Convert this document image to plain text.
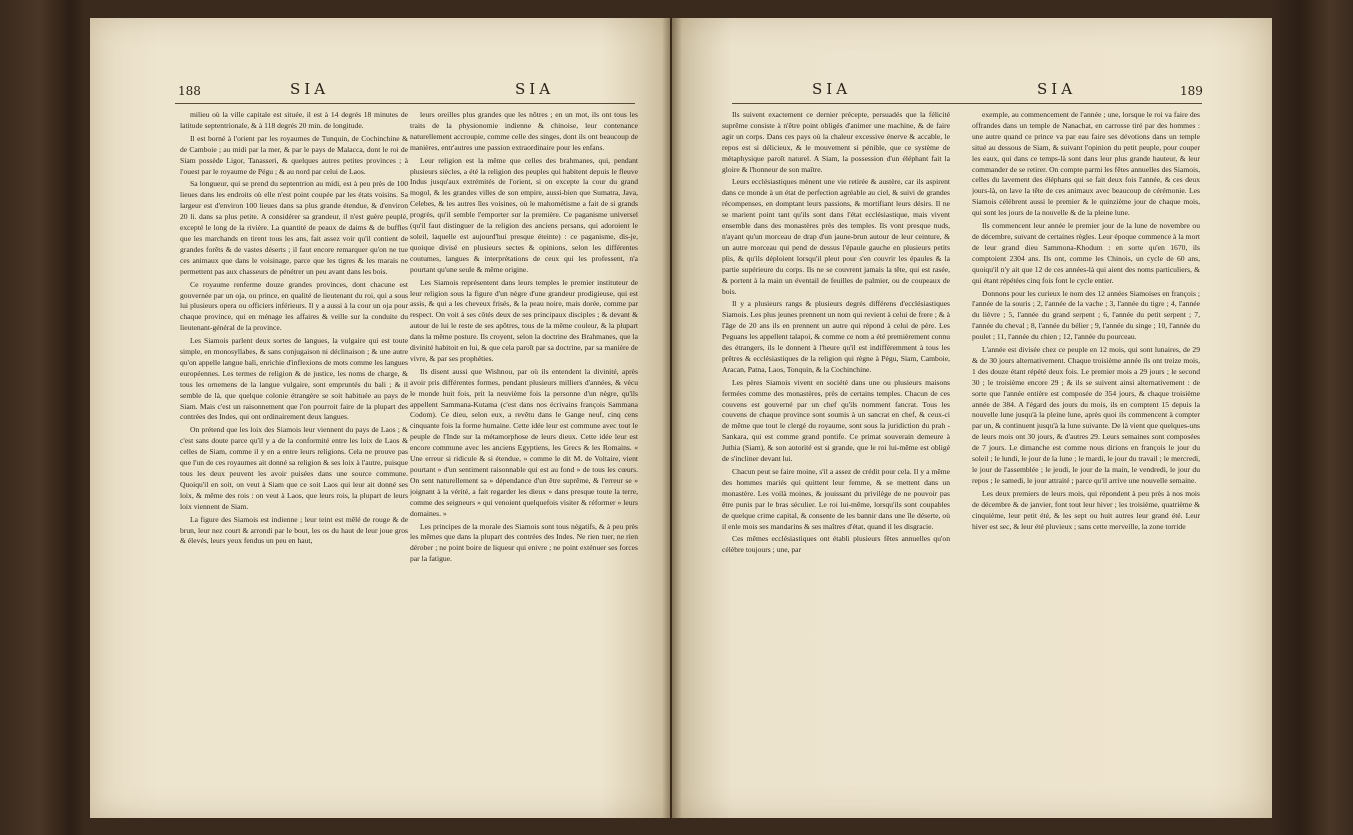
188	SIA	SIA

milieu où la ville capitale est située, il est à 14 degrés 18 minutes de latitude septentrionale, & à 118 degrés 20 min. de longitude.

Il est borné à l'orient par les royaumes de Tunquin, de Cochinchine & de Camboie ; au midi par la mer, & par le pays de Malacca, dont le roi de Siam possède Ligor, Tanasseri, & quelques autres petites provinces ; à l'ouest par le royaume de Pégu ; & au nord par celui de Laos.

Sa longueur, qui se prend du septentrion au midi, est à peu près de 100 lieues dans les endroits où elle n'est point coupée par les états voisins. Sa largeur est d'environ 100 lieues dans sa plus grande étendue, & d'environ 20 li. dans sa plus petite. A considérer sa grandeur, il n'est guère peuplé, excepté le long de la rivière. La quantité de peaux de daims & de buffles que les marchands en tirent tous les ans, fait assez voir qu'il contient de grandes forêts & de vastes déserts ; il faut encore remarquer qu'on ne tue ces animaux que dans le voisinage, parce que les tigres & les marais ne permettent pas aux chasseurs de pénétrer un peu avant dans les bois.

Ce royaume renferme douze grandes provinces, dont chacune est gouvernée par un oja, ou prince, en qualité de lieutenant du roi, qui a sous lui plusieurs opera ou officiers inférieurs. Il y a aussi à la cour un oja pour chaque province, qui en ménage les affaires & veille sur la conduite du lieutenant-général de la province.

Les Siamois parlent deux sortes de langues, la vulgaire qui est toute simple, en monosyllabes, & sans conjugaison ni déclinaison ; & une autre qu'on appelle langue bali, enrichie d'inflexions de mots comme les langues européennes. Les termes de religion & de justice, les noms de charge, & tous les ornemens de la langue vulgaire, sont empruntés du bali ; & il semble de là, que quelque colonie étrangère se soit habituée au pays de Siam. Mais c'est un raisonnement que l'on pourroit faire de la plupart des contrées des Indes, qui ont ordinairement deux langues.

On prétend que les loix des Siamois leur viennent du pays de Laos ; & c'est sans doute parce qu'il y a de la conformité entre les loix de Laos & celles de Siam, comme il y en a entre leurs religions. Cela ne prouve pas que l'un de ces royaumes ait donné sa religion & ses loix à l'autre, puisque tous les deux peuvent les avoir puisées dans une source commune. Quoiqu'il en soit, on veut à Siam que ce soit Laos qui leur ait donné ses loix, & même des rois : on veut à Laos, que leurs rois, la plupart de leurs loix viennent de Siam.

La figure des Siamois est indienne ; leur teint est mêlé de rouge & de brun, leur nez court & arrondi par le bout, les os du haut de leur joue gros & élevés, leurs yeux fendus un peu en haut,

leurs oreilles plus grandes que les nôtres ; en un mot, ils ont tous les traits de la physionomie indienne & chinoise, leur contenance naturellement accroupie, comme celle des singes, dont ils ont beaucoup de manières, entr'autres une passion extraordinaire pour les enfans.

Leur religion est la même que celles des brahmanes, qui, pendant plusieurs siècles, a été la religion des peuples qui habitent depuis le fleuve Indus jusqu'aux extrémités de l'orient, si on excepte la cour du grand mogol, & les grandes villes de son empire, aussi-bien que Sumatra, Java, Celebes, & les autres îles voisines, où le mahométisme a fait de si grands progrès, qu'il semble l'emporter sur la première. Ce paganisme universel (qu'il faut distinguer de la religion des anciens persans, qui adoroient le soleil, laquelle est aujourd'hui presque éteinte) : ce paganisme, dis-je, quoique divisé en plusieurs sectes & opinions, selon les différentes coutumes, langues & interprétations de ceux qui les professent, n'a pourtant qu'une seule & même origine.

Les Siamois représentent dans leurs temples le premier instituteur de leur religion sous la figure d'un nègre d'une grandeur prodigieuse, qui est assis, & qui a les cheveux frisés, & la peau noire, mais dorée, comme par respect. On voit à ses côtés deux de ses principaux disciples ; & devant & autour de lui le reste de ses apôtres, tous de la même couleur, & la plupart dans la même posture. Ils croyent, selon la doctrine des Brahmanes, que la divinité habitoit en lui, & que cela paroît par sa doctrine, par sa manière de vivre, & par ses prophéties.

Ils disent aussi que Wishnou, par où ils entendent la divinité, après avoir pris différentes formes, pendant plusieurs milliers d'années, & vécu le monde huit fois, prit la neuvième fois la personne d'un nègre, qu'ils appellent Sammana-Kutama (c'est dans nos écrivains françois Sammana Codom). Ce dieu, selon eux, a revêtu dans le Gange neuf, cinq cens cinquante fois la forme humaine. Cette idée leur est commune avec tout le peuple de l'Inde sur la métamorphose de leurs dieux. Cette idée leur est encore commune avec les anciens Egyptiens, les Grecs & les Romains. « Une erreur si ridicule & si étendue, » comme le dit M. de Voltaire, vient pourtant » d'un sentiment raisonnable qui est au fond » de tous les cœurs. On sent naturellement sa » dépendance d'un être suprême, & l'erreur se » joignant à la vérité, a fait regarder les dieux » dans presque toute la terre, comme des seigneurs » qui venoient quelquefois visiter & réformer » leurs domaines. »

Les principes de la morale des Siamois sont tous négatifs, & à peu près les mêmes que dans la plupart des contrées des Indes. Ne rien tuer, ne rien dérober ; ne point boire de liqueur qui enivre ; ne point exténuer ses forces par la fatigue.

SIA	SIA	189

Ils suivent exactement ce dernier précepte, persuadés que la félicité suprême consiste à n'être point obligés d'animer une machine, & de faire agir un corps. Dans ces pays où la chaleur excessive énerve & accable, le repos est si délicieux, & le mouvement si pénible, que ce système de métaphysique paroît naturel. A Siam, la possession d'un éléphant fait la gloire & l'honneur de son maître.

Leurs ecclésiastiques mènent une vie retirée & austère, car ils aspirent dans ce monde à un état de perfection agréable au ciel, & suivi de grandes récompenses, en domptant leurs passions, & mortifiant leurs désirs. Il ne se marient point tant qu'ils sont dans l'état ecclésiastique, mais vivent ensemble dans des monastères près des temples. Ils vont presque nuds, n'ayant qu'un morceau de drap d'un jaune-brun autour de leur ceinture, & un autre morceau qui pend de dessus l'épaule gauche en plusieurs petits plis, & qu'ils déploient lorsqu'il pleut pour s'en couvrir les épaules & la partie supérieure du corps. Ils ne se couvrent jamais la tête, qui est rasée, & portent à la main un éventail de feuilles de palmier, ou de coupeaux de bois.

Il y a plusieurs rangs & plusieurs degrés différens d'ecclésiastiques Siamois. Les plus jeunes prennent un nom qui revient à celui de frere ; & à l'âge de 20 ans ils en prennent un autre qui répond à celui de père. Les Peguans les appellent talapoi, & comme ce nom a été premièrement connu des étrangers, ils le donnent à l'heure qu'il est indifféremment à tous les prêtres & ecclésiastiques de la religion qui règne à Pégu, Siam, Camboie, Aracan, Patna, Laos, Tonquin, & la Cochinchine.

Les pères Siamois vivent en société dans une ou plusieurs maisons fermées comme des monastères, près de certains temples. Chacun de ces couvens est gouverné par un chef qu'ils nomment fancrat. Tous les couvens de chaque province sont soumis à un sancrat en chef, & ceux-ci de même que tout le clergé du royaume, sont sous la juridiction du prah - Sankara, qui est comme grand pontife. Ce primat souverain demeure à Juthia (Siam), & son autorité est si grande, que le roi lui-même est obligé de s'incliner devant lui.

Chacun peut se faire moine, s'il a assez de crédit pour cela. Il y a même des hommes mariés qui quittent leur femme, & se mettent dans un monastère. Les voilà moines, & jouissant du privilège de ne pouvoir pas être punis par le bras séculier. Le roi lui-même, lorsqu'ils sont coupables de quelque crime capital, & consente de les bannir dans une île déserte, où il enle mois ses mandarins & ses maîtres d'état, quand il les disgracie.

Ces mêmes ecclésiastiques ont établi plusieurs fêtes annuelles qu'on célèbre toujours ; une, par

exemple, au commencement de l'année ; une, lorsque le roi va faire des offrandes dans un temple de Nanachat, en carrosse tiré par des hommes : une autre quand ce prince va par eau faire ses dévotions dans un temple situé au dessous de Siam, & suivant l'opinion du petit peuple, pour couper les eaux, qui dans ce temps-là sont dans leur plus grande hauteur, & leur commander de se retirer. On compte parmi les fêtes annuelles des Siamois, celles du lavement des éléphans qui se fait deux fois l'année, & ces deux jours-là, on lave la tête de ces animaux avec beaucoup de cérémonie. Les Siamois célèbrent aussi le premier & le quinzième jour de chaque mois, qui sont les jours de la nouvelle & de la pleine lune.

Ils commencent leur année le premier jour de la lune de novembre ou de décembre, suivant de certaines règles. Leur époque commence à la mort de leur grand dieu Sammona-Khodum : en sorte qu'en 1670, ils comptoient 2304 ans. Ils ont, comme les Chinois, un cycle de 60 ans, quoiqu'il n'y ait que 12 de ces années-là qui aient des noms particuliers, & qui étant répétées cinq fois font le cycle entier.

Donnons pour les curieux le nom des 12 années Siamoises en françois ; l'année de la souris ; 2, l'année de la vache ; 3, l'année du tigre ; 4, l'année du lièvre ; 5, l'année du grand serpent ; 6, l'année du petit serpent ; 7, l'année du cheval ; 8, l'année du bélier ; 9, l'année du singe ; 10, l'année du poulet ; 11, l'année du chien ; 12, l'année du pourceau.

L'année est divisée chez ce peuple en 12 mois, qui sont lunaires, de 29 & de 30 jours alternativement. Chaque troisième année ils ont treize mois, 1 des douze étant répété deux fois. Le premier mois a 29 jours ; le second 30 ; le troisième encore 29 ; & ils se suivent ainsi alternativement : de sorte que l'année entière est composée de 354 jours, & chaque troisième année de 384. A l'égard des jours du mois, ils en comptent 15 depuis la nouvelle lune jusqu'à la pleine lune, après quoi ils commencent à compter par un, & continuent jusqu'à la lune suivante. De là vient que quelques-uns de leurs mois ont 30 jours, & d'autres 29. Leurs semaines sont composées de 7 jours. Le dimanche est comme nous dirions en françois le jour du soleil ; le lundi, le jour de la lune ; le mardi, le jour du travail ; le mercredi, le jour de l'assemblée ; le jeudi, le jour de la main, le vendredi, le jour du repos ; le samedi, le jour attraité ; parce qu'il arrive une nouvelle semaine.

Les deux premiers de leurs mois, qui répondent à peu près à nos mois de décembre & de janvier, font tout leur hiver ; les troisième, quatrième & cinquième, leur petit été, & les sept ou huit autres leur grand été. Leur hiver est sec, & leur été pluvieux ; sans cette merveille, la zone torride
